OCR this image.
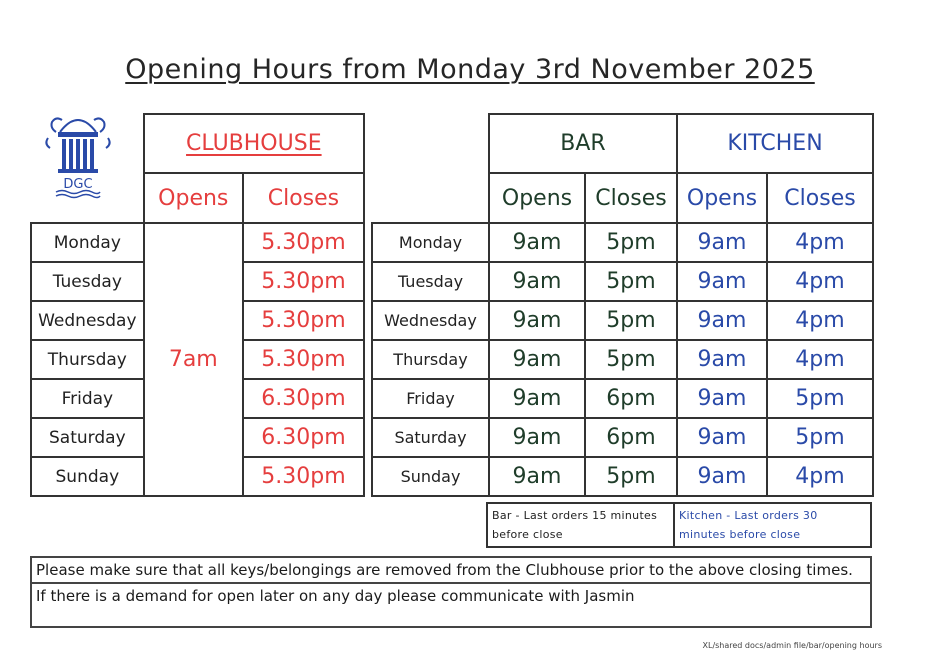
Opening Hours from Monday 3rd November 2025
DGC
	CLUBHOUSE	
	Opens	Closes
Monday	7am	5.30pm
Tuesday		5.30pm
Wednesday		5.30pm
Thursday		5.30pm
Friday		6.30pm
Saturday		6.30pm
Sunday		5.30pm
	BAR		KITCHEN	
	Opens	Closes	Opens	Closes
Monday	9am	5pm	9am	4pm
Tuesday	9am	5pm	9am	4pm
Wednesday	9am	5pm	9am	4pm
Thursday	9am	5pm	9am	4pm
Friday	9am	6pm	9am	5pm
Saturday	9am	6pm	9am	5pm
Sunday	9am	5pm	9am	4pm
Bar - Last orders 15 minutes before close	Kitchen - Last orders 30 minutes before close
Please make sure that all keys/belongings are removed from the Clubhouse prior to the above closing times.
If there is a demand for open later on any day please communicate with Jasmin
XL/shared docs/admin file/bar/opening hours
